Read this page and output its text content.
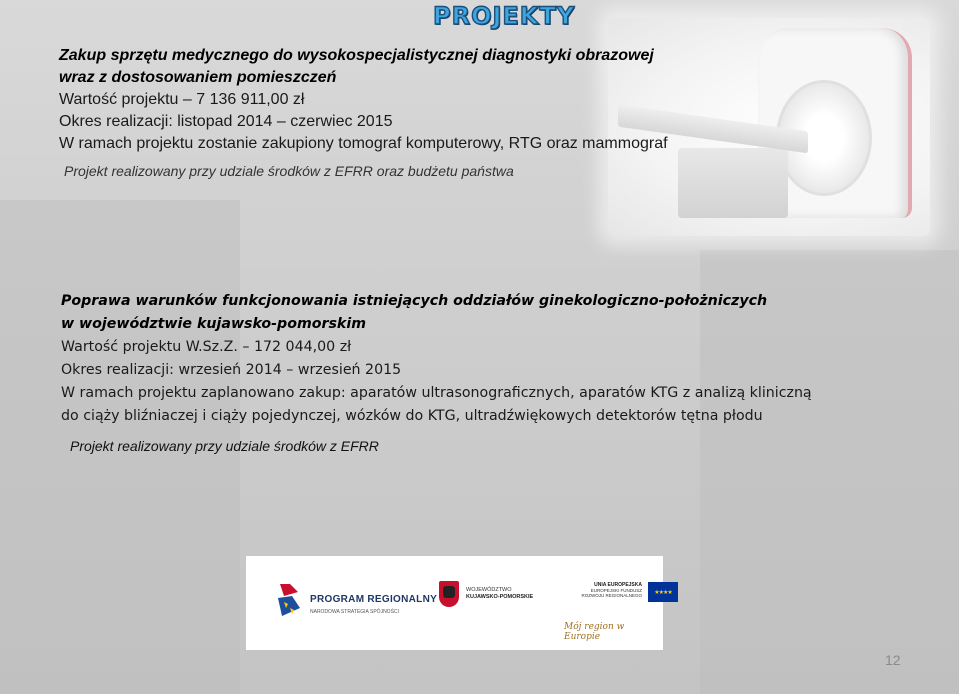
PROJEKTY
Zakup sprzętu medycznego do wysokospecjalistycznej diagnostyki obrazowej
wraz z dostosowaniem pomieszczeń
Wartość projektu – 7 136 911,00 zł
Okres realizacji: listopad 2014 – czerwiec 2015
W ramach projektu zostanie zakupiony tomograf komputerowy, RTG oraz mammograf
Projekt realizowany przy udziale środków z EFRR oraz budżetu państwa
Poprawa warunków funkcjonowania istniejących oddziałów ginekologiczno-położniczych
w województwie kujawsko-pomorskim
Wartość projektu W.Sz.Z. – 172 044,00 zł
Okres realizacji: wrzesień 2014 – wrzesień 2015
W ramach projektu zaplanowano zakup: aparatów ultrasonograficznych, aparatów KTG z analizą kliniczną
do ciąży bliźniaczej i ciąży pojedynczej, wózków do KTG, ultradźwiękowych detektorów tętna płodu
Projekt realizowany przy udziale środków z EFRR
PROGRAM REGIONALNY
NARODOWA STRATEGIA SPÓJNOŚCI
WOJEWÓDZTWO
KUJAWSKO-POMORSKIE
UNIA EUROPEJSKA
EUROPEJSKI FUNDUSZ
ROZWOJU REGIONALNEGO	★★★★
Mój region w Europie
12
